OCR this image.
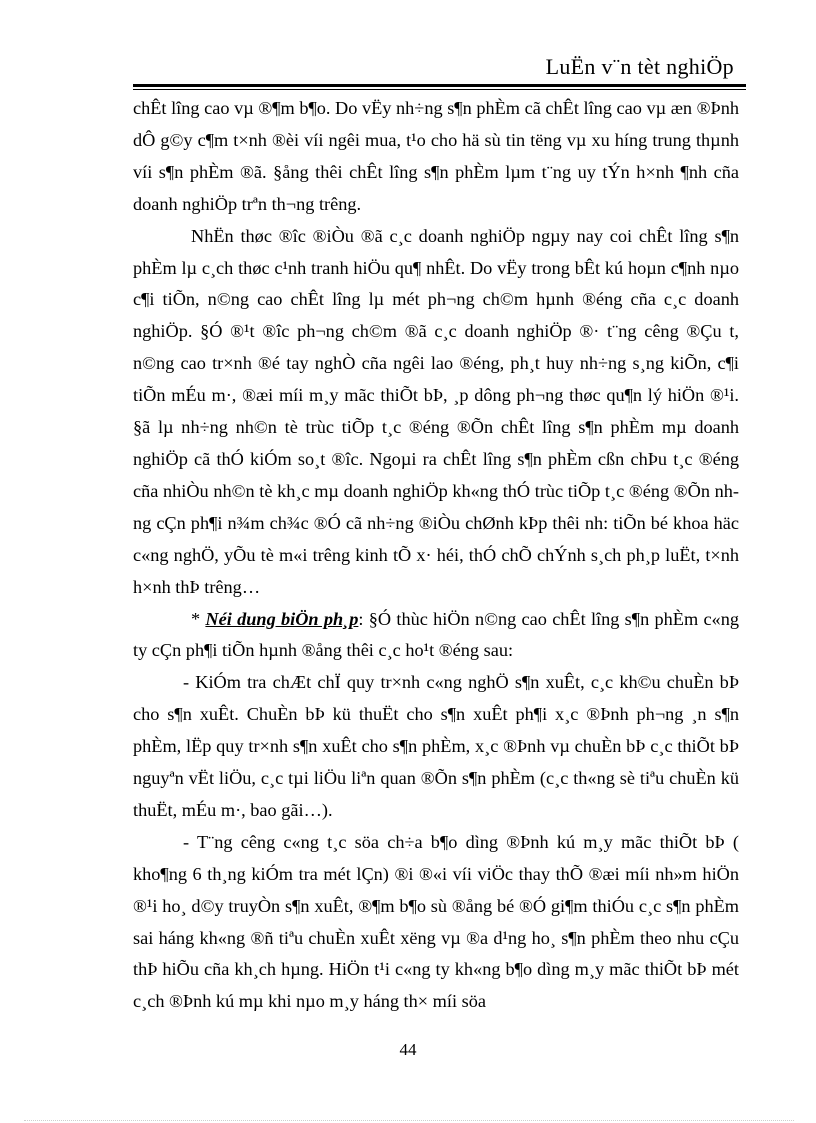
LuËn v¨n tèt nghiÖp

chÊt lîng cao vµ ®¶m b¶o. Do vËy nh÷ng s¶n phÈm cã chÊt lîng cao vµ æn ®Þnh dÔ g©y c¶m t×nh ®èi víi ngêi mua, t¹o cho hä sù tin tëng vµ xu híng trung thµnh víi s¶n phÈm ®ã. §ång thêi chÊt lîng s¶n phÈm lµm t¨ng uy tÝn h×nh ¶nh cña doanh nghiÖp trªn th¬ng trêng.

NhËn thøc ®îc ®iÒu ®ã c¸c doanh nghiÖp ngµy nay coi chÊt lîng s¶n phÈm lµ c¸ch thøc c¹nh tranh hiÖu qu¶ nhÊt. Do vËy trong bÊt kú hoµn c¶nh nµo c¶i tiÕn, n©ng cao chÊt lîng lµ mét ph¬ng ch©m hµnh ®éng cña c¸c doanh nghiÖp. §Ó ®¹t ®îc ph¬ng ch©m ®ã c¸c doanh nghiÖp ®· t¨ng cêng ®Çu t, n©ng cao tr×nh ®é tay nghÒ cña ngêi lao ®éng, ph¸t huy nh÷ng s¸ng kiÕn, c¶i tiÕn mÉu m·, ®æi míi m¸y mãc thiÕt bÞ, ¸p dông ph¬ng thøc qu¶n lý hiÖn ®¹i. §ã lµ nh÷ng nh©n tè trùc tiÕp t¸c ®éng ®Õn chÊt lîng s¶n phÈm mµ doanh nghiÖp cã thÓ kiÓm so¸t ®îc. Ngoµi ra chÊt lîng s¶n phÈm cßn chÞu t¸c ®éng cña nhiÒu nh©n tè kh¸c mµ doanh nghiÖp kh«ng thÓ trùc tiÕp t¸c ®éng ®Õn nhng cÇn ph¶i n¾m ch¾c ®Ó cã nh÷ng ®iÒu chØnh kÞp thêi nh: tiÕn bé khoa häc c«ng nghÖ, yÕu tè m«i trêng kinh tÕ x· héi, thÓ chÕ chÝnh s¸ch ph¸p luËt, t×nh h×nh thÞ trêng…

* Néi dung biÖn ph¸p: §Ó thùc hiÖn n©ng cao chÊt lîng s¶n phÈm c«ng ty cÇn ph¶i tiÕn hµnh ®ång thêi c¸c ho¹t ®éng sau:

- KiÓm tra chÆt chÏ quy tr×nh c«ng nghÖ s¶n xuÊt, c¸c kh©u chuÈn bÞ cho s¶n xuÊt. ChuÈn bÞ kü thuËt cho s¶n xuÊt ph¶i x¸c ®Þnh ph¬ng ¸n s¶n phÈm, lËp quy tr×nh s¶n xuÊt cho s¶n phÈm, x¸c ®Þnh vµ chuÈn bÞ c¸c thiÕt bÞ nguyªn vËt liÖu, c¸c tµi liÖu liªn quan ®Õn s¶n phÈm (c¸c th«ng sè tiªu chuÈn kü thuËt, mÉu m·, bao gãi…).

- T¨ng cêng c«ng t¸c söa ch÷a b¶o dìng ®Þnh kú m¸y mãc thiÕt bÞ ( kho¶ng 6 th¸ng kiÓm tra mét lÇn) ®i ®«i víi viÖc thay thÕ ®æi míi nh»m hiÖn ®¹i ho¸ d©y truyÒn s¶n xuÊt, ®¶m b¶o sù ®ång bé ®Ó gi¶m thiÓu c¸c s¶n phÈm sai háng kh«ng ®ñ tiªu chuÈn xuÊt xëng vµ ®a d¹ng ho¸ s¶n phÈm theo nhu cÇu thÞ hiÕu cña kh¸ch hµng. HiÖn t¹i c«ng ty kh«ng b¶o dìng m¸y mãc thiÕt bÞ mét c¸ch ®Þnh kú mµ khi nµo m¸y háng th× míi söa

44
